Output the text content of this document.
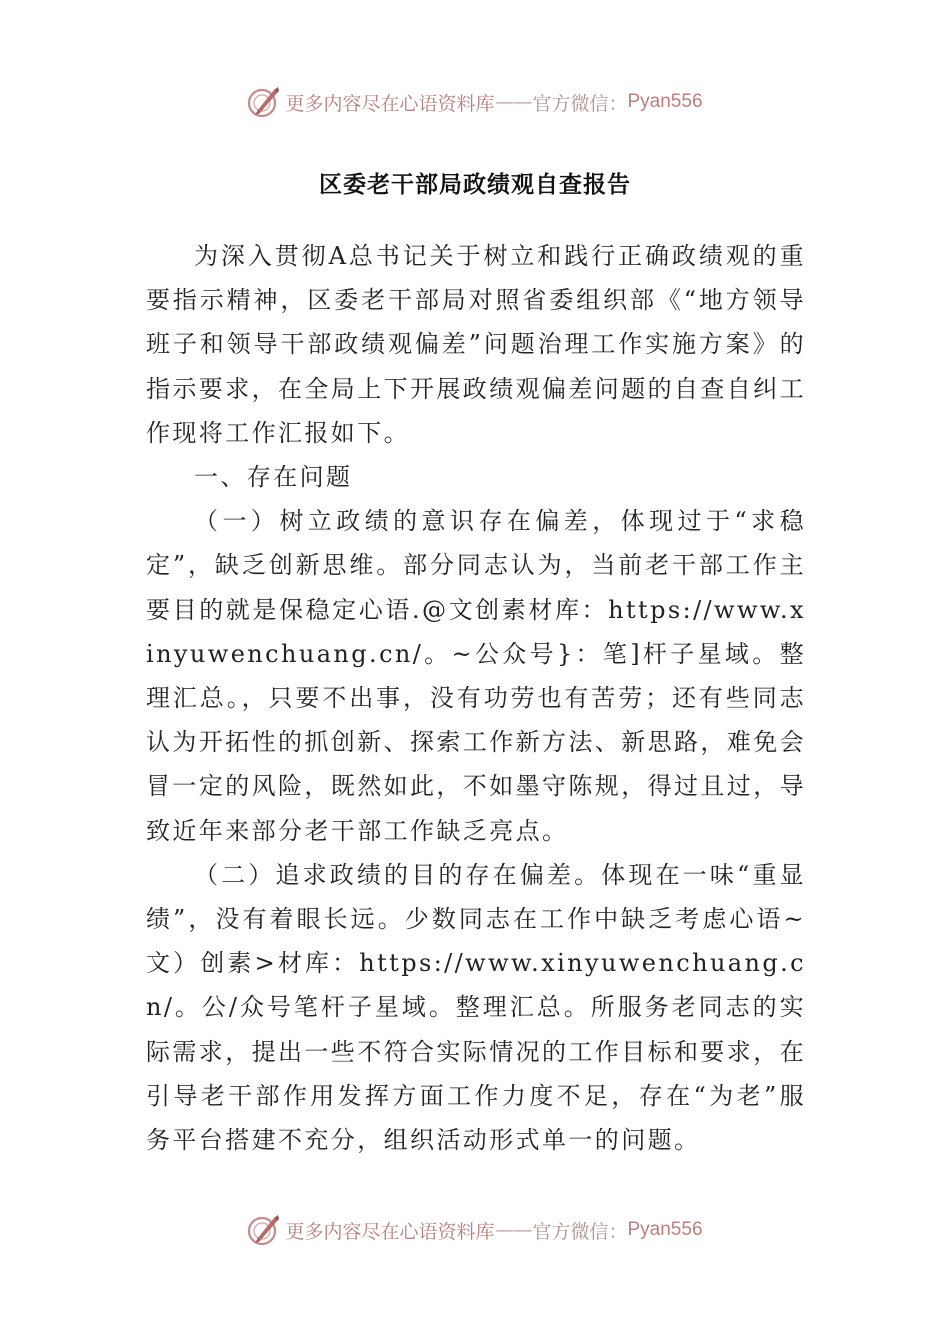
更多内容尽在心语资料库 —— 官方微信： Pyan556
区委老干部局政绩观自查报告

为深入贯彻A总书记关于树立和践行正确政绩观的重要指示精神，区委老干部局对照省委组织部《“地方领导班子和领导干部政绩观偏差”问题治理工作实施方案》的指示要求，在全局上下开展政绩观偏差问题的自查自纠工作现将工作汇报如下。

一、存在问题

（一）树立政绩的意识存在偏差，体现过于“求稳定”，缺乏创新思维。部分同志认为，当前老干部工作主要目的就是保稳定心语.@文创素材库：https://www.xinyuwenchuang.cn/。~公众号}：笔]杆子星域。整理汇总。，只要不出事，没有功劳也有苦劳；还有些同志认为开拓性的抓创新、探索工作新方法、新思路，难免会冒一定的风险，既然如此，不如墨守陈规，得过且过，导致近年来部分老干部工作缺乏亮点。

（二）追求政绩的目的存在偏差。体现在一味“重显绩”，没有着眼长远。少数同志在工作中缺乏考虑心语~文）创素>材库：https://www.xinyuwenchuang.cn/。公/众号笔杆子星域。整理汇总。所服务老同志的实际需求，提出一些不符合实际情况的工作目标和要求，在引导老干部作用发挥方面工作力度不足，存在“为老”服务平台搭建不充分，组织活动形式单一的问题。

更多内容尽在心语资料库 —— 官方微信： Pyan556
